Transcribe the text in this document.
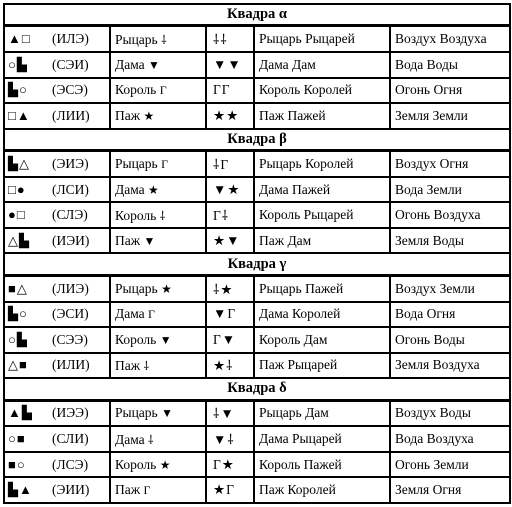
Квадра α				
▲□ (ИЛЭ)	Рыцарь ⸸	⸸⸸	Рыцарь Рыцарей	Воздух Воздуха
○▙ (СЭИ)	Дама ▼	▼▼	Дама Дам	Вода Воды
▙○ (ЭСЭ)	Король Γ	ΓΓ	Король Королей	Огонь Огня
□▲ (ЛИИ)	Паж ★	★★	Паж Пажей	Земля Земли
Квадра β				
▙△ (ЭИЭ)	Рыцарь Γ	⸸Γ	Рыцарь Королей	Воздух Огня
□● (ЛСИ)	Дама ★	▼★	Дама Пажей	Вода Земли
●□ (СЛЭ)	Король ⸸	Γ⸸	Король Рыцарей	Огонь Воздуха
△▙ (ИЭИ)	Паж ▼	★▼	Паж Дам	Земля Воды
Квадра γ				
■△ (ЛИЭ)	Рыцарь ★	⸸★	Рыцарь Пажей	Воздух Земли
▙○ (ЭСИ)	Дама Γ	▼Γ	Дама Королей	Вода Огня
○▙ (СЭЭ)	Король ▼	Γ▼	Король Дам	Огонь Воды
△■ (ИЛИ)	Паж ⸸	★⸸	Паж Рыцарей	Земля Воздуха
Квадра δ				
▲▙ (ИЭЭ)	Рыцарь ▼	⸸▼	Рыцарь Дам	Воздух Воды
○■ (СЛИ)	Дама ⸸	▼⸸	Дама Рыцарей	Вода Воздуха
■○ (ЛСЭ)	Король ★	Γ★	Король Пажей	Огонь Земли
▙▲ (ЭИИ)	Паж Γ	★Γ	Паж Королей	Земля Огня
